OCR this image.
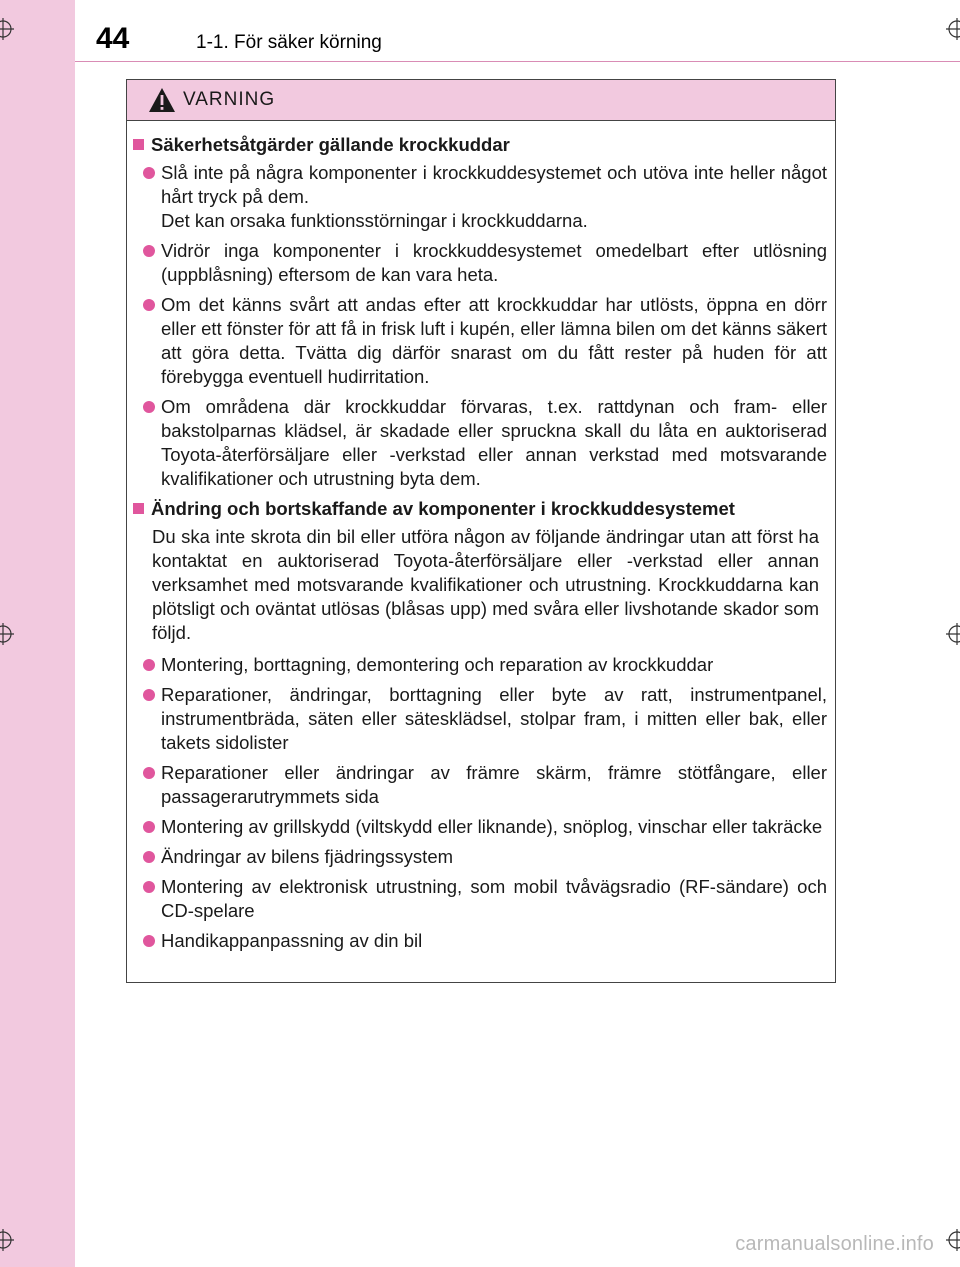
44	1-1. För säker körning
VARNING
Säkerhetsåtgärder gällande krockkuddar

Slå inte på några komponenter i krockkuddesystemet och utöva inte heller något hårt tryck på dem.

Det kan orsaka funktionsstörningar i krockkuddarna.

Vidrör inga komponenter i krockkuddesystemet omedelbart efter utlösning (uppblåsning) eftersom de kan vara heta.

Om det känns svårt att andas efter att krockkuddar har utlösts, öppna en dörr eller ett fönster för att få in frisk luft i kupén, eller lämna bilen om det känns säkert att göra detta. Tvätta dig därför snarast om du fått rester på huden för att förebygga eventuell hudirritation.

Om områdena där krockkuddar förvaras, t.ex. rattdynan och fram- eller bakstolparnas klädsel, är skadade eller spruckna skall du låta en auktoriserad Toyota-återförsäljare eller -verkstad eller annan verkstad med motsvarande kvalifikationer och utrustning byta dem.

Ändring och bortskaffande av komponenter i krockkuddesystemet
Du ska inte skrota din bil eller utföra någon av följande ändringar utan att först ha kontaktat en auktoriserad Toyota-återförsäljare eller -verkstad eller annan verksamhet med motsvarande kvalifikationer och utrustning. Krockkuddarna kan plötsligt och oväntat utlösas (blåsas upp) med svåra eller livshotande skador som följd.

Montering, borttagning, demontering och reparation av krockkuddar

Reparationer, ändringar, borttagning eller byte av ratt, instrumentpanel, instrumentbräda, säten eller sätesklädsel, stolpar fram, i mitten eller bak, eller takets sidolister

Reparationer eller ändringar av främre skärm, främre stötfångare, eller passagerarutrymmets sida

Montering av grillskydd (viltskydd eller liknande), snöplog, vinschar eller takräcke

Ändringar av bilens fjädringssystem

Montering av elektronisk utrustning, som mobil tvåvägsradio (RF-sändare) och CD-spelare

Handikappanpassning av din bil

carmanualsonline.info
